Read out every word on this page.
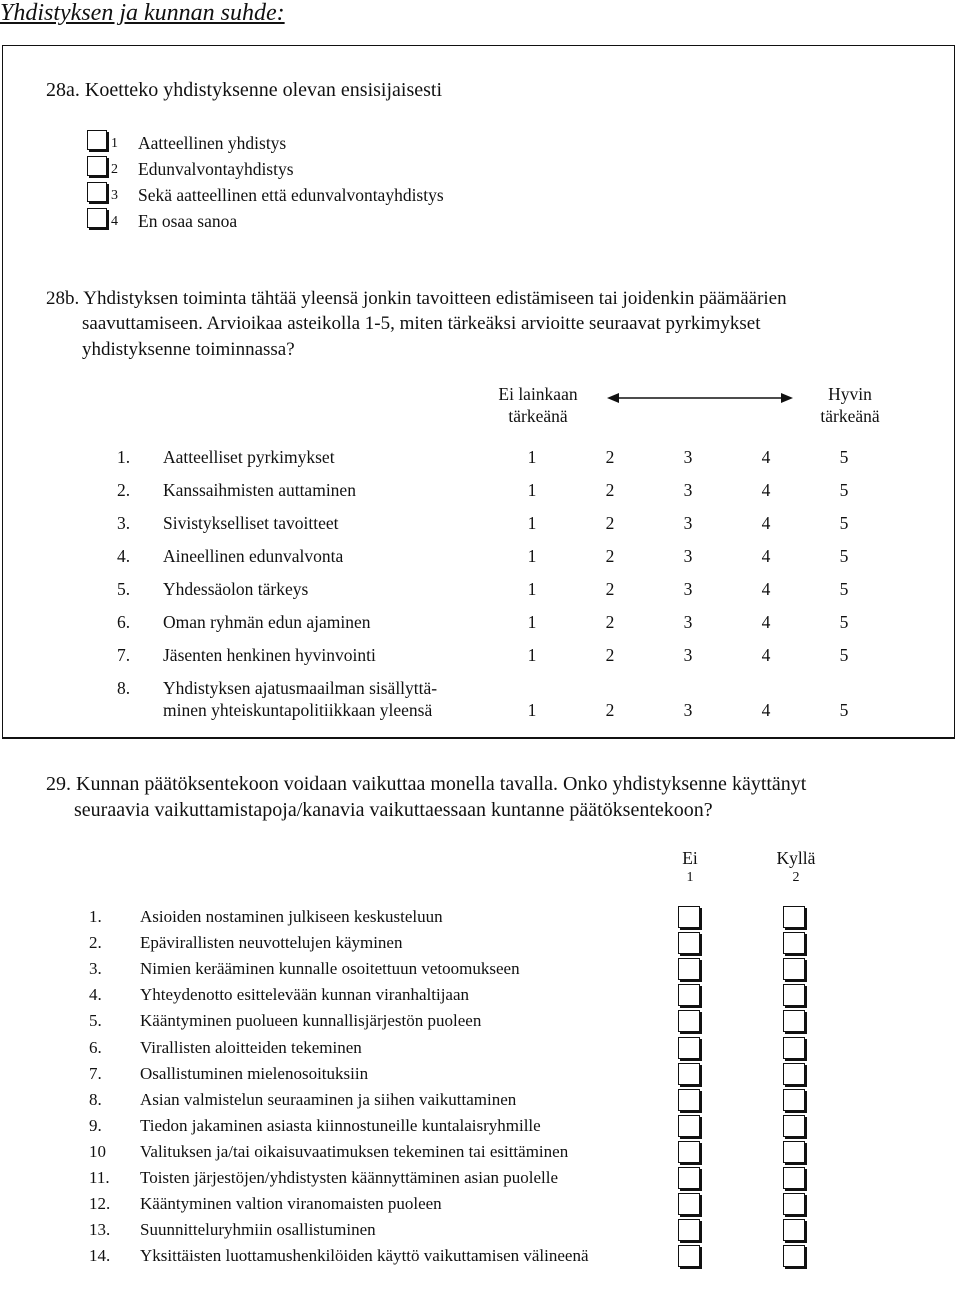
Yhdistyksen ja kunnan suhde:
28a. Koetteko yhdistyksenne olevan ensisijaisesti
1 Aatteellinen yhdistys
2 Edunvalvontayhdistys
3 Sekä aatteellinen että edunvalvontayhdistys
4 En osaa sanoa
28b. Yhdistyksen toiminta tähtää yleensä jonkin tavoitteen edistämiseen tai joidenkin päämäärien
saavuttamiseen. Arvioikaa asteikolla 1-5, miten tärkeäksi arvioitte seuraavat pyrkimykset
yhdistyksenne toiminnassa?
Ei lainkaan
tärkeänä
Hyvin
tärkeänä
1. Aatteelliset pyrkimykset	1	2	3	4	5
2. Kanssaihmisten auttaminen	1	2	3	4	5
3. Sivistykselliset tavoitteet	1	2	3	4	5
4. Aineellinen edunvalvonta	1	2	3	4	5
5. Yhdessäolon tärkeys	1	2	3	4	5
6. Oman ryhmän edun ajaminen	1	2	3	4	5
7. Jäsenten henkinen hyvinvointi	1	2	3	4	5
8. Yhdistyksen ajatusmaailman sisällyttä-
minen yhteiskuntapolitiikkaan yleensä	1	2	3	4	5
29. Kunnan päätöksentekoon voidaan vaikuttaa monella tavalla. Onko yhdistyksenne käyttänyt
seuraavia vaikuttamistapoja/kanavia vaikuttaessaan kuntanne päätöksentekoon?
Ei
1
Kyllä
2
1. Asioiden nostaminen julkiseen keskusteluun
2. Epävirallisten neuvottelujen käyminen
3. Nimien kerääminen kunnalle osoitettuun vetoomukseen
4. Yhteydenotto esittelevään kunnan viranhaltijaan
5. Kääntyminen puolueen kunnallisjärjestön puoleen
6. Virallisten aloitteiden tekeminen
7. Osallistuminen mielenosoituksiin
8. Asian valmistelun seuraaminen ja siihen vaikuttaminen
9. Tiedon jakaminen asiasta kiinnostuneille kuntalaisryhmille
10 Valituksen ja/tai oikaisuvaatimuksen tekeminen tai esittäminen
11. Toisten järjestöjen/yhdistysten käännyttäminen asian puolelle
12. Kääntyminen valtion viranomaisten puoleen
13. Suunnitteluryhmiin osallistuminen
14. Yksittäisten luottamushenkilöiden käyttö vaikuttamisen välineenä
